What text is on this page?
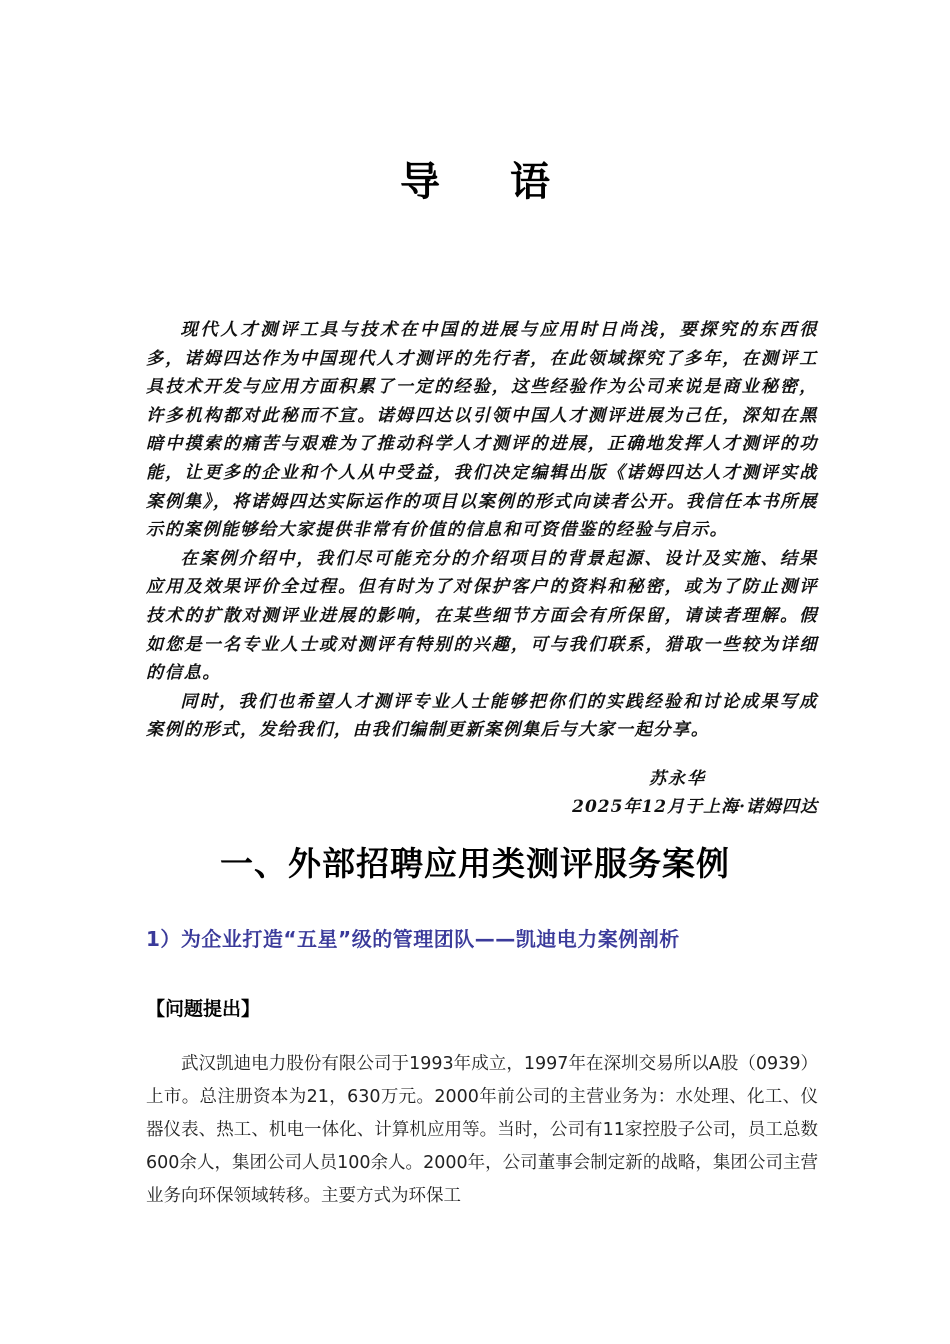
导 语

现代人才测评工具与技术在中国的进展与应用时日尚浅，要探究的东西很多，诺姆四达作为中国现代人才测评的先行者，在此领域探究了多年，在测评工具技术开发与应用方面积累了一定的经验，这些经验作为公司来说是商业秘密，许多机构都对此秘而不宣。诺姆四达以引领中国人才测评进展为己任，深知在黑暗中摸索的痛苦与艰难为了推动科学人才测评的进展，正确地发挥人才测评的功能，让更多的企业和个人从中受益，我们决定编辑出版《诺姆四达人才测评实战案例集》，将诺姆四达实际运作的项目以案例的形式向读者公开。我信任本书所展示的案例能够给大家提供非常有价值的信息和可资借鉴的经验与启示。

在案例介绍中，我们尽可能充分的介绍项目的背景起源、设计及实施、结果应用及效果评价全过程。但有时为了对保护客户的资料和秘密，或为了防止测评技术的扩散对测评业进展的影响，在某些细节方面会有所保留，请读者理解。假如您是一名专业人士或对测评有特别的兴趣，可与我们联系，猎取一些较为详细的信息。

同时，我们也希望人才测评专业人士能够把你们的实践经验和讨论成果写成案例的形式，发给我们，由我们编制更新案例集后与大家一起分享。

苏永华
2025年12月于上海·诺姆四达
一、外部招聘应用类测评服务案例
1）为企业打造“五星”级的管理团队——凯迪电力案例剖析
【问题提出】

武汉凯迪电力股份有限公司于1993年成立，1997年在深圳交易所以A股（0939）上市。总注册资本为21，630万元。2000年前公司的主营业务为：水处理、化工、仪器仪表、热工、机电一体化、计算机应用等。当时，公司有11家控股子公司，员工总数600余人，集团公司人员100余人。2000年，公司董事会制定新的战略，集团公司主营业务向环保领域转移。主要方式为环保工
